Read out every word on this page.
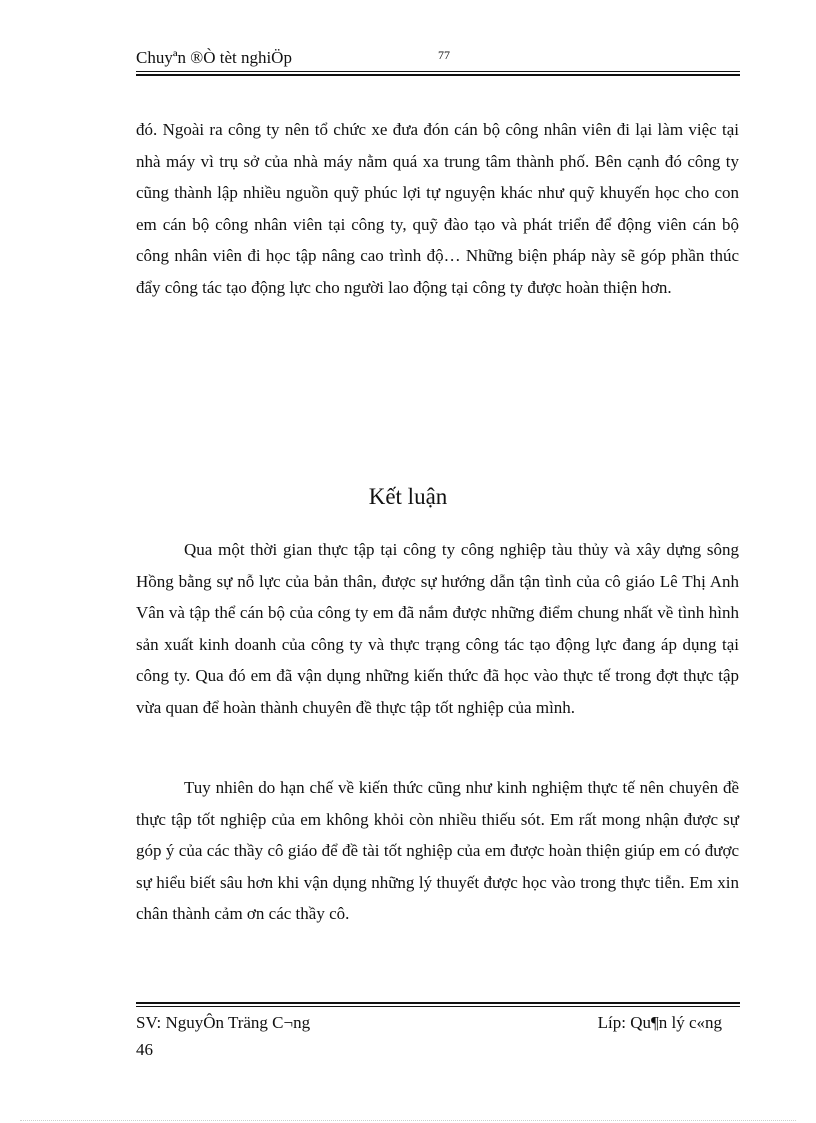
Chuyªn ®Ò tèt nghiÖp	77

đó. Ngoài ra công ty nên tổ chức xe đưa đón cán bộ công nhân viên đi lại làm việc tại nhà máy vì trụ sở của nhà máy nằm quá xa trung tâm thành phố. Bên cạnh đó công ty cũng thành lập nhiều nguồn quỹ phúc lợi tự nguyện khác như quỹ khuyến học cho con em cán bộ công nhân viên tại công ty, quỹ đào tạo và phát triển để động viên cán bộ công nhân viên đi học tập nâng cao trình độ… Những biện pháp này sẽ góp phần thúc đẩy công tác tạo động lực cho người lao động tại công ty được hoàn thiện hơn.

Kết luận

Qua một thời gian thực tập tại công ty công nghiệp tàu thủy và xây dựng sông Hồng bằng sự nỗ lực của bản thân, được sự hướng dẫn tận tình của cô giáo Lê Thị Anh Vân và tập thể cán bộ của công ty em đã nắm được những điểm chung nhất về tình hình sản xuất kinh doanh của công ty và thực trạng công tác tạo động lực đang áp dụng tại công ty. Qua đó em đã vận dụng những kiến thức đã học vào thực tế trong đợt thực tập vừa quan để hoàn thành chuyên đề thực tập tốt nghiệp của mình.

Tuy nhiên do hạn chế về kiến thức cũng như kinh nghiệm thực tế nên chuyên đề thực tập tốt nghiệp của em không khỏi còn nhiều thiếu sót. Em rất mong nhận được sự góp ý của các thầy cô giáo để đề tài tốt nghiệp của em được hoàn thiện giúp em có được sự hiểu biết sâu hơn khi vận dụng những lý thuyết được học vào trong thực tiễn. Em xin chân thành cảm ơn các thầy cô.

SV: NguyÔn Träng C¬ng	Líp: Qu¶n lý c«ng
46
